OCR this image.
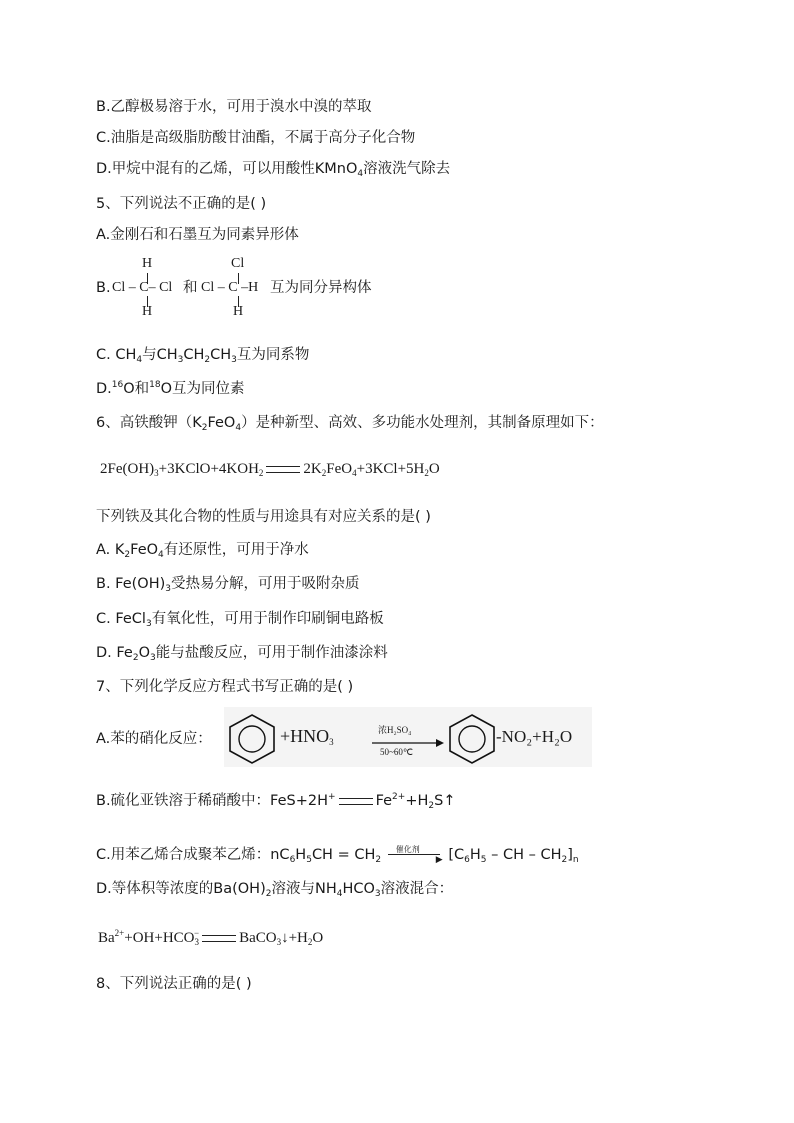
B.乙醇极易溶于水，可用于溴水中溴的萃取
C.油脂是高级脂肪酸甘油酯，不属于高分子化合物
D.甲烷中混有的乙烯，可以用酸性KMnO$_4$溶液洗气除去
5、下列说法不正确的是( )
A.金刚石和石墨互为同素异形体
B.
H
Cl – C– Cl
H
和
Cl
Cl – C –H
H
互为同分异构体
C. $CH_4$与$CH_3CH_2CH_3$互为同系物
D.$^{16}$O和$^{18}$O互为同位素
6、高铁酸钾$(K_2FeO_4)$是种新型、高效、多功能水处理剂，其制备原理如下：
$2Fe(OH)_3+3KClO+4KOH_2$	$2K_2FeO_4+3KCl+5H_2O$
下列铁及其化合物的性质与用途具有对应关系的是( )
A. $K_2FeO_4$有还原性，可用于净水
B. $Fe(OH)_3$受热易分解，可用于吸附杂质
C. FeCl$_3$有氧化性，可用于制作印刷铜电路板
D. $Fe_2O_3$能与盐酸反应，可用于制作油漆涂料
7、下列化学反应方程式书写正确的是( )
A.苯的硝化反应：	$+HNO_3$
浓H₂SO₄
50~60℃
-NO₂+H₂O
B.硫化亚铁溶于稀硝酸中：FeS+2H+	$Fe^{2+}+H_2S↑$
C.用苯乙烯合成聚苯乙烯：$nC_6H_5CH = CH_2$
催化剂
▶ [$C_6H_5$ – CH – $CH_2]_n$
D.等体积等浓度的$Ba(OH)_2$溶液与$NH_4HCO_3$溶液混合：
$Ba^{2+}+OH+HCO_3^-$	$BaCO_3↓+H_2O$
8、下列说法正确的是( )
